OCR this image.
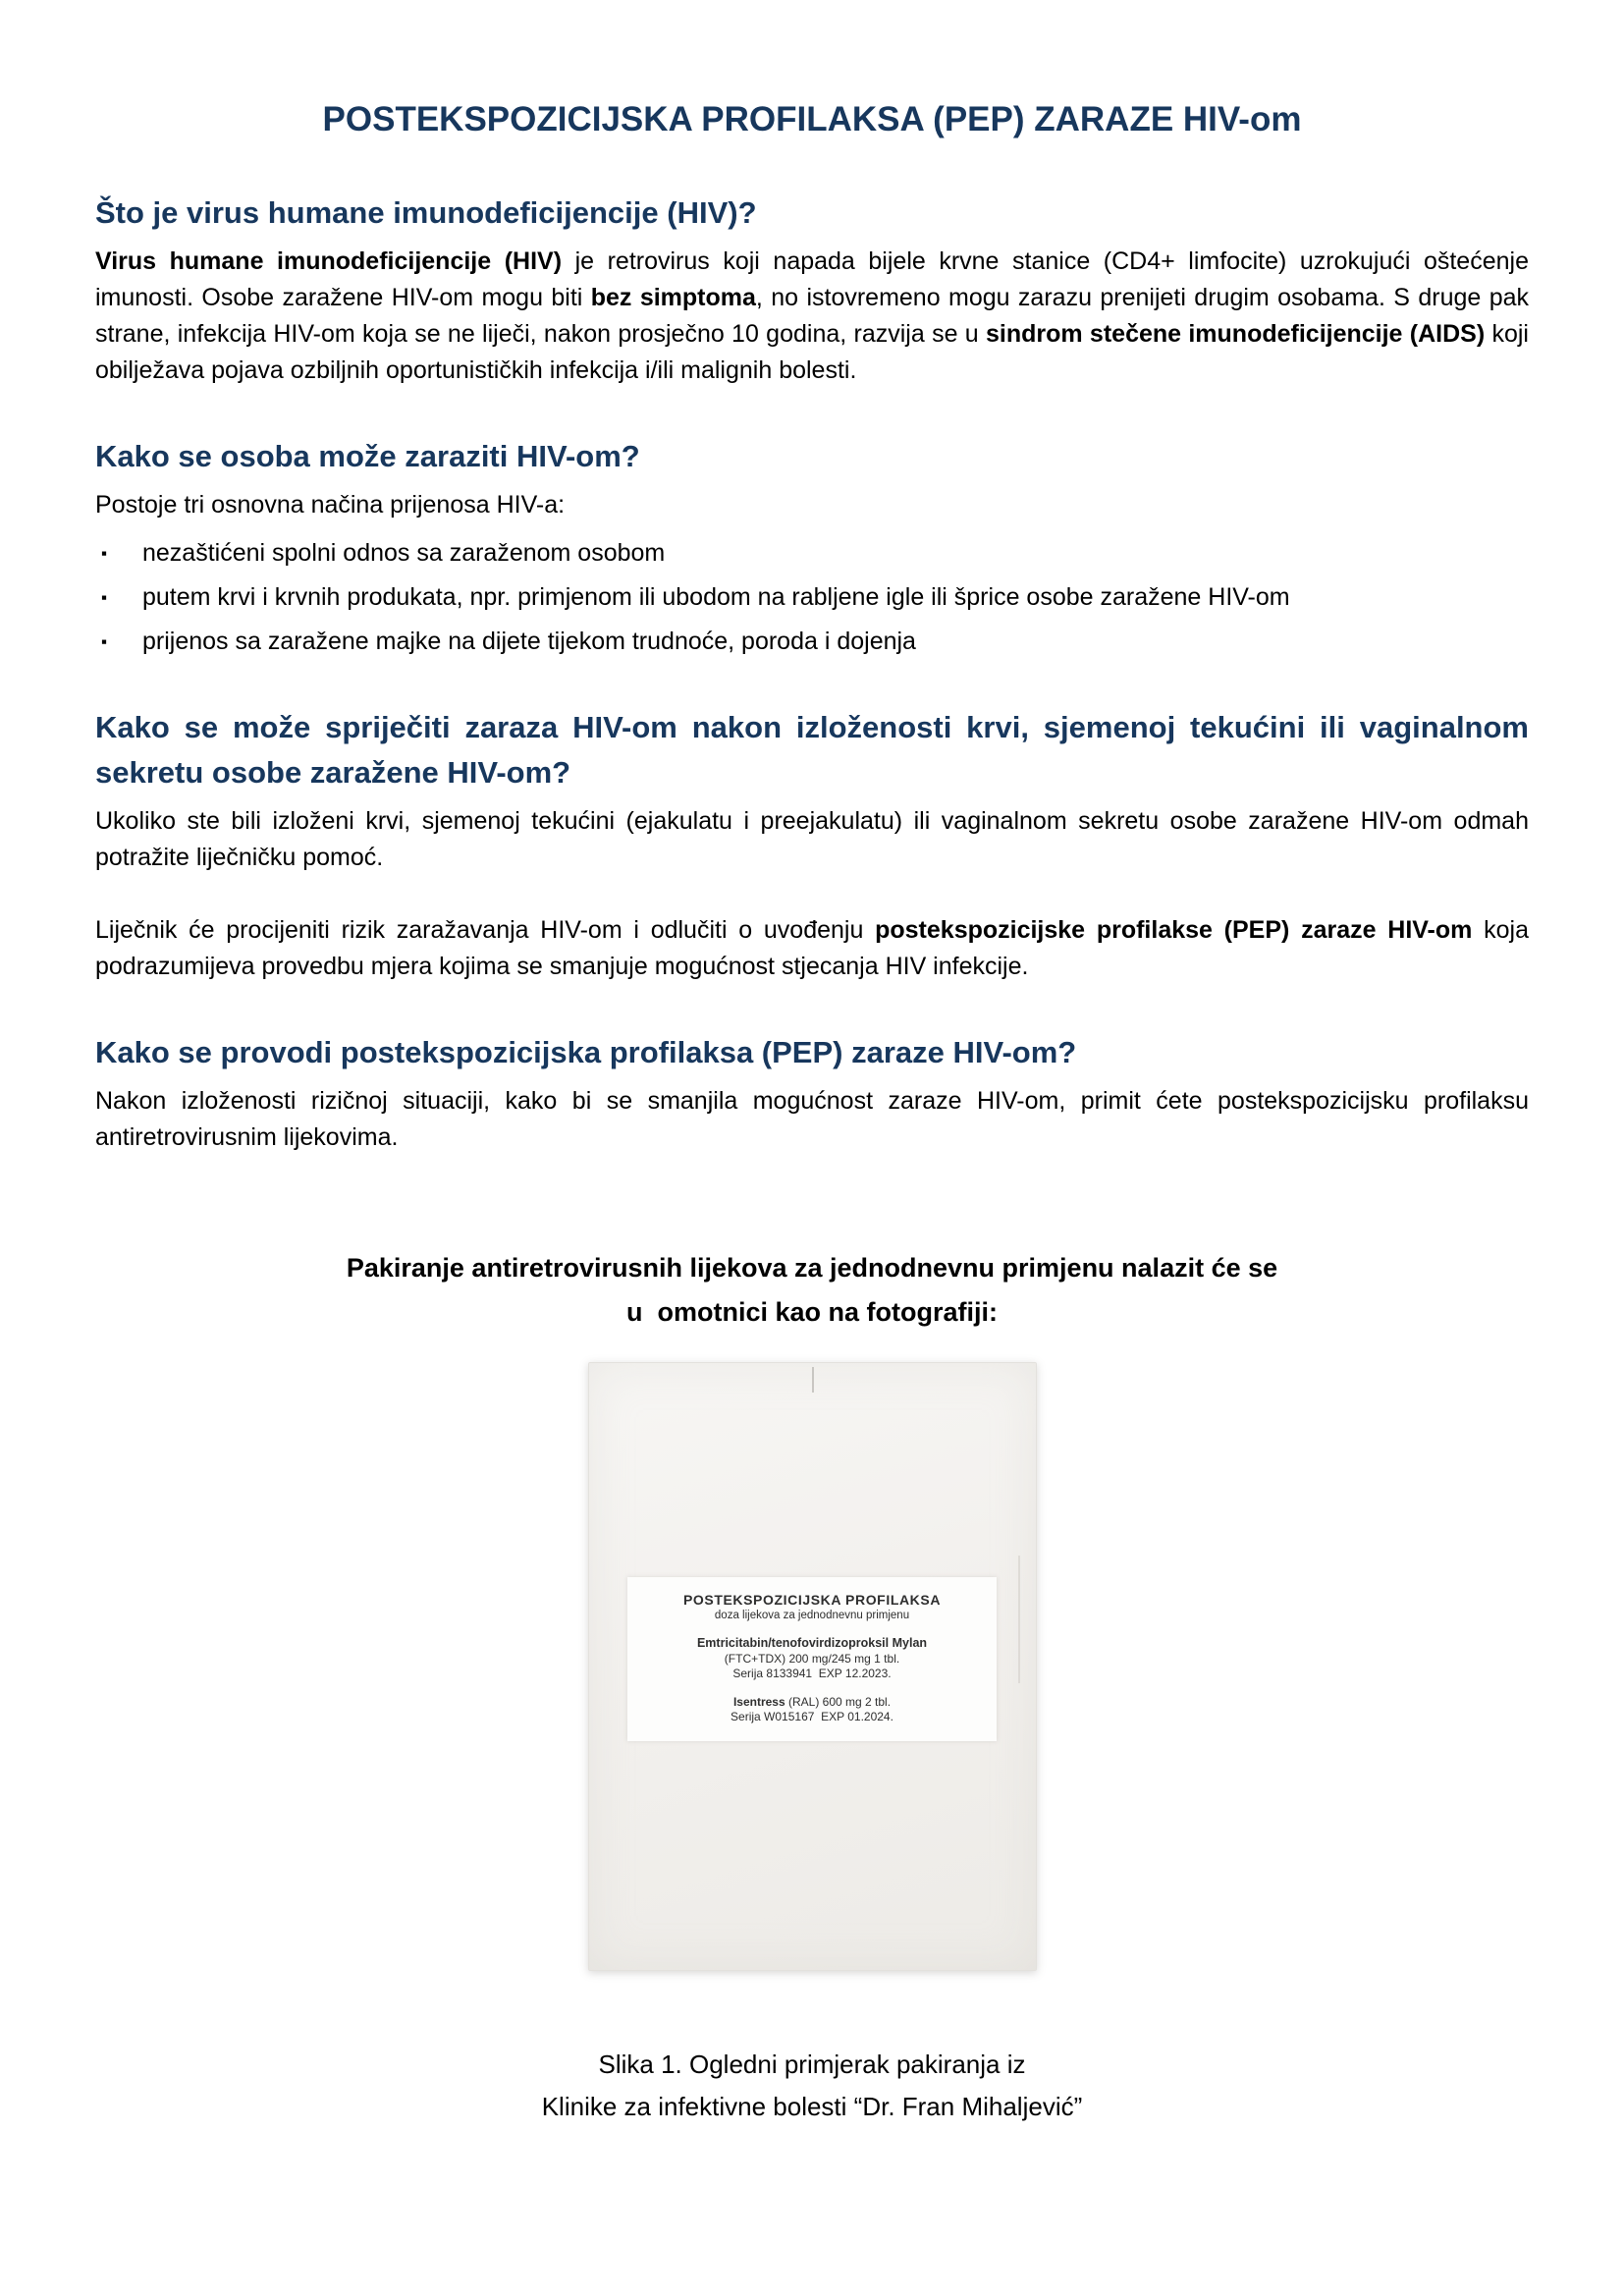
POSTEKSPOZICIJSKA PROFILAKSA (PEP) ZARAZE HIV-om
Što je virus humane imunodeficijencije (HIV)?

Virus humane imunodeficijencije (HIV) je retrovirus koji napada bijele krvne stanice (CD4+ limfocite) uzrokujući oštećenje imunosti. Osobe zaražene HIV-om mogu biti bez simptoma, no istovremeno mogu zarazu prenijeti drugim osobama. S druge pak strane, infekcija HIV-om koja se ne liječi, nakon prosječno 10 godina, razvija se u sindrom stečene imunodeficijencije (AIDS) koji obilježava pojava ozbiljnih oportunističkih infekcija i/ili malignih bolesti.

Kako se osoba može zaraziti HIV-om?

Postoje tri osnovna načina prijenosa HIV-a:

▪	nezaštićeni spolni odnos sa zaraženom osobom
▪	putem krvi i krvnih produkata, npr. primjenom ili ubodom na rabljene igle ili šprice osobe zaražene HIV-om
▪	prijenos sa zaražene majke na dijete tijekom trudnoće, poroda i dojenja
Kako se može spriječiti zaraza HIV-om nakon izloženosti krvi, sjemenoj tekućini ili vaginalnom sekretu osobe zaražene HIV-om?

Ukoliko ste bili izloženi krvi, sjemenoj tekućini (ejakulatu i preejakulatu) ili vaginalnom sekretu osobe zaražene HIV-om odmah potražite liječničku pomoć.

Liječnik će procijeniti rizik zaražavanja HIV-om i odlučiti o uvođenju postekspozicijske profilakse (PEP) zaraze HIV-om koja podrazumijeva provedbu mjera kojima se smanjuje mogućnost stjecanja HIV infekcije.

Kako se provodi postekspozicijska profilaksa (PEP) zaraze HIV-om?

Nakon izloženosti rizičnoj situaciji, kako bi se smanjila mogućnost zaraze HIV-om, primit ćete postekspozicijsku profilaksu antiretrovirusnim lijekovima.

Pakiranje antiretrovirusnih lijekova za jednodnevnu primjenu nalazit će se
u  omotnici kao na fotografiji:
POSTEKSPOZICIJSKA PROFILAKSA
doza lijekova za jednodnevnu primjenu
Emtricitabin/tenofovirdizoproksil Mylan
(FTC+TDX) 200 mg/245 mg 1 tbl.
Serija 8133941  EXP 12.2023.
Isentress (RAL) 600 mg 2 tbl.
Serija W015167  EXP 01.2024.
Slika 1. Ogledni primjerak pakiranja iz
Klinike za infektivne bolesti “Dr. Fran Mihaljević”
